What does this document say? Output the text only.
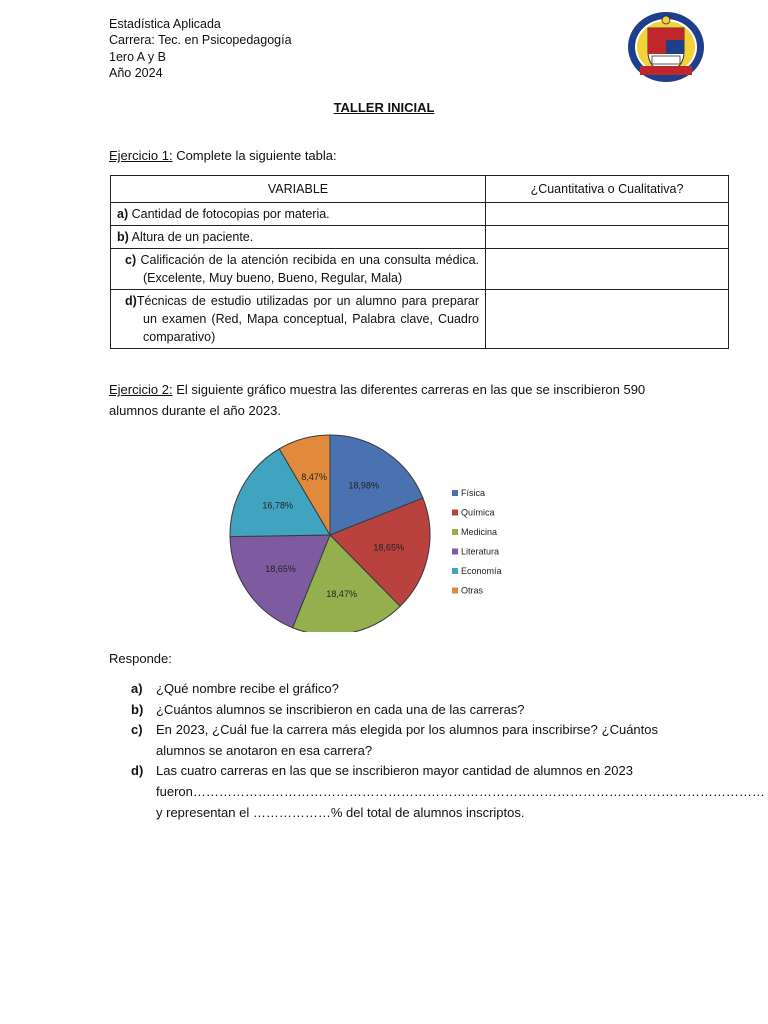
Estadística Aplicada
Carrera: Tec. en Psicopedagogía
1ero A y B
Año 2024
TALLER INICIAL
Ejercicio 1: Complete la siguiente tabla:
VARIABLE	¿Cuantitativa o Cualitativa?
a) Cantidad de fotocopias por materia.	
b) Altura de un paciente.	

c) Calificación de la atención recibida en una consulta médica. (Excelente, Muy bueno, Bueno, Regular, Mala)	

d)Técnicas de estudio utilizadas por un alumno para preparar un examen (Red, Mapa conceptual, Palabra clave, Cuadro comparativo)	

Ejercicio 2: El siguiente gráfico muestra las diferentes carreras en las que se inscribieron 590 alumnos durante el año 2023.
18,98%
18,65%
18,47%
18,65%
16,78%
8,47%
Física
Química
Medicina
Literatura
Economía
Otras
Responde:
a)	¿Qué nombre recibe el gráfico?
b) ¿Cuántos alumnos se inscribieron en cada una de las carreras?
c)	En 2023, ¿Cuál fue la carrera más elegida por los alumnos para inscribirse? ¿Cuántos alumnos se anotaron en esa carrera?
d) Las cuatro carreras en las que se inscribieron mayor cantidad de alumnos en 2023
fueron……………………………………………………………………………………………………………………
y representan el ………………% del total de alumnos inscriptos.
